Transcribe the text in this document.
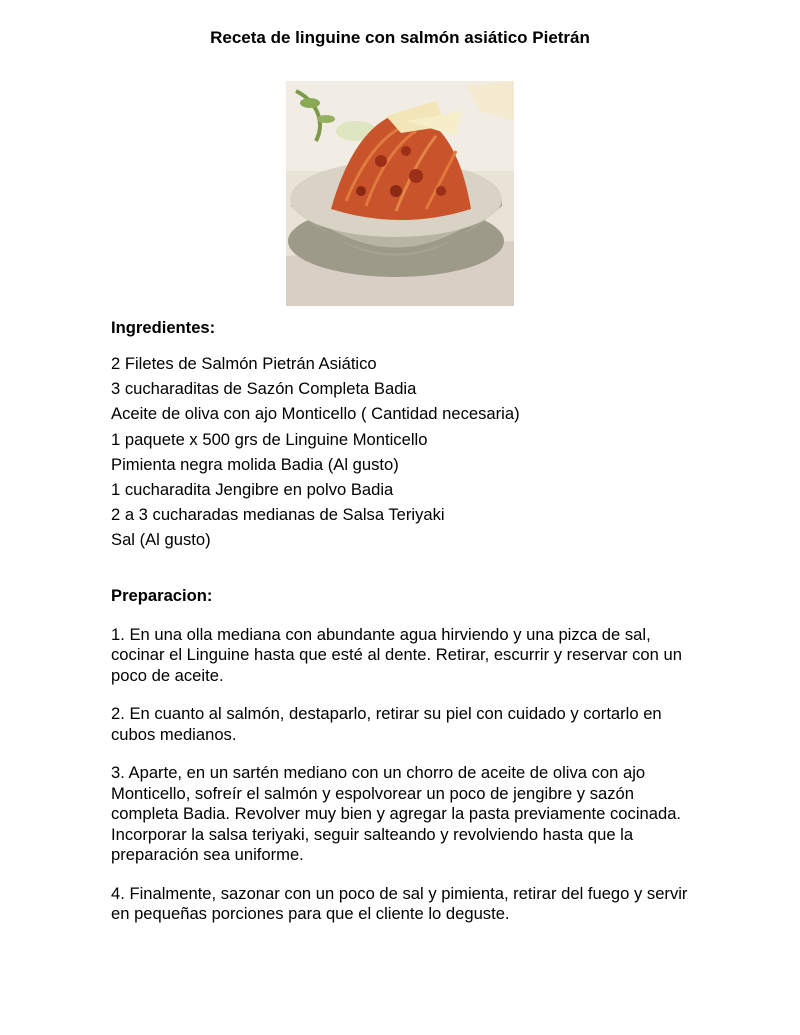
Receta de linguine con salmón asiático Pietrán

Ingredientes:

2 Filetes de Salmón Pietrán Asiático
3 cucharaditas de Sazón Completa Badia
Aceite de oliva con ajo Monticello ( Cantidad necesaria)
1 paquete x 500 grs de Linguine Monticello
Pimienta negra molida Badia (Al gusto)
1 cucharadita Jengibre en polvo Badia
2 a 3 cucharadas medianas de Salsa Teriyaki
Sal (Al gusto)

Preparacion:

1. En una olla mediana con abundante agua hirviendo y una pizca de sal, cocinar el Linguine hasta que esté al dente. Retirar, escurrir y reservar con un poco de aceite.

2. En cuanto al salmón, destaparlo, retirar su piel con cuidado y cortarlo en cubos medianos.

3. Aparte, en un sartén mediano con un chorro de aceite de oliva con ajo Monticello, sofreír el salmón y espolvorear un poco de jengibre y sazón completa Badia. Revolver muy bien y agregar la pasta previamente cocinada. Incorporar la salsa teriyaki, seguir salteando y revolviendo hasta que la preparación sea uniforme.

4. Finalmente, sazonar con un poco de sal y pimienta, retirar del fuego y servir en pequeñas porciones para que el cliente lo deguste.
